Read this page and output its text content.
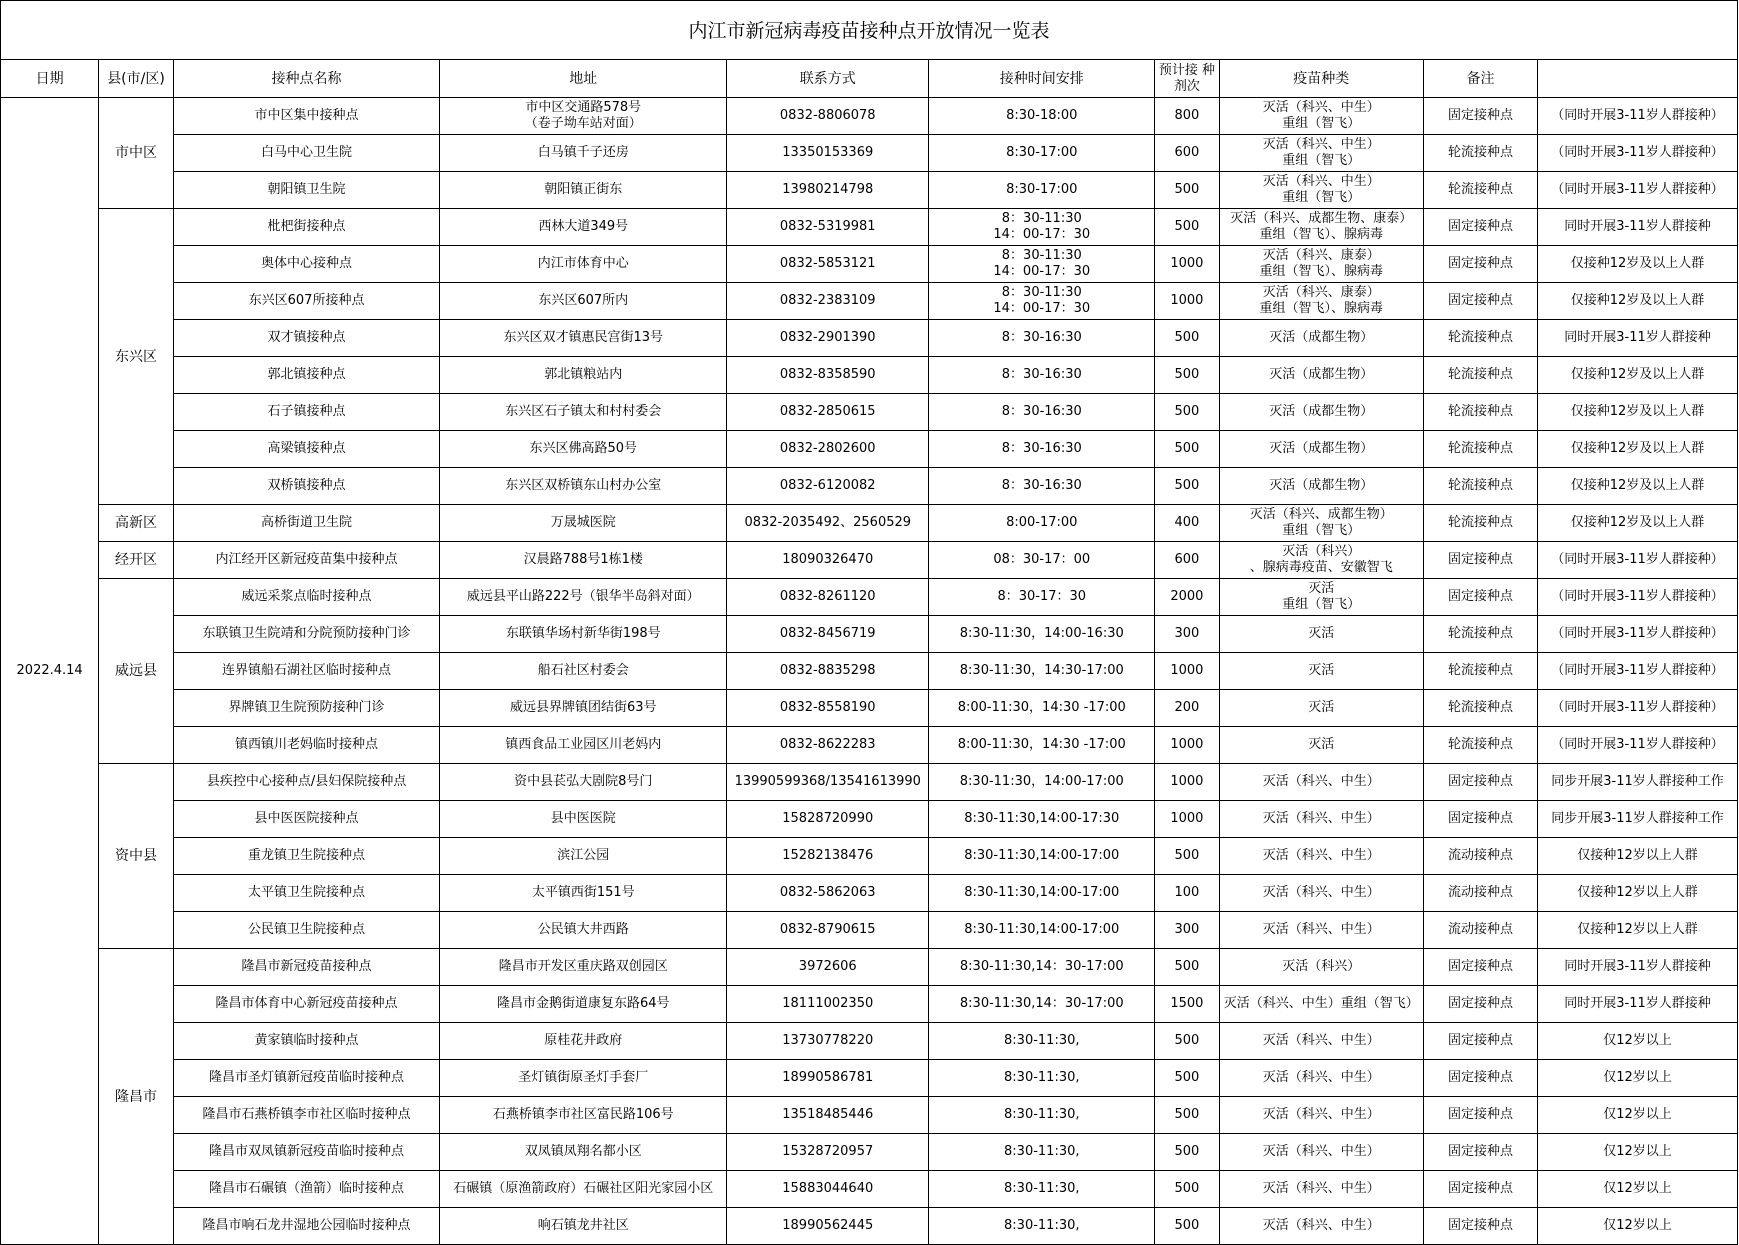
内江市新冠病毒疫苗接种点开放情况一览表
日期	县(市/区)	接种点名称	地址	联系方式	接种时间安排	预计接 种剂次	疫苗种类	备注	
2022.4.14	市中区	市中区集中接种点	市中区交通路578号
（卷子坳车站对面）	0832-8806078	8:30-18:00	800	灭活（科兴、中生）
重组（智飞）	固定接种点	（同时开展3-11岁人群接种）
		白马中心卫生院	白马镇千子还房	13350153369	8:30-17:00	600	灭活（科兴、中生）
重组（智飞）	轮流接种点	（同时开展3-11岁人群接种）
		朝阳镇卫生院	朝阳镇正街东	13980214798	8:30-17:00	500	灭活（科兴、中生）
重组（智飞）	轮流接种点	（同时开展3-11岁人群接种）
	东兴区	枇杷街接种点	西林大道349号	0832-5319981	8：30-11:30
14：00-17：30	500	灭活（科兴、成都生物、康泰）
重组（智飞）、腺病毒	固定接种点	同时开展3-11岁人群接种
		奥体中心接种点	内江市体育中心	0832-5853121	8：30-11:30
14：00-17：30	1000	灭活（科兴、康泰）
重组（智飞）、腺病毒	固定接种点	仅接种12岁及以上人群
		东兴区607所接种点	东兴区607所内	0832-2383109	8：30-11:30
14：00-17：30	1000	灭活（科兴、康泰）
重组（智飞）、腺病毒	固定接种点	仅接种12岁及以上人群
		双才镇接种点	东兴区双才镇惠民宫街13号	0832-2901390	8：30-16:30	500	灭活（成都生物）	轮流接种点	同时开展3-11岁人群接种
		郭北镇接种点	郭北镇粮站内	0832-8358590	8：30-16:30	500	灭活（成都生物）	轮流接种点	仅接种12岁及以上人群
		石子镇接种点	东兴区石子镇太和村村委会	0832-2850615	8：30-16:30	500	灭活（成都生物）	轮流接种点	仅接种12岁及以上人群
		高梁镇接种点	东兴区佛高路50号	0832-2802600	8：30-16:30	500	灭活（成都生物）	轮流接种点	仅接种12岁及以上人群
		双桥镇接种点	东兴区双桥镇东山村办公室	0832-6120082	8：30-16:30	500	灭活（成都生物）	轮流接种点	仅接种12岁及以上人群
	高新区	高桥街道卫生院	万晟城医院	0832-2035492、2560529	8:00-17:00	400	灭活（科兴、成都生物）
重组（智飞）	轮流接种点	仅接种12岁及以上人群
	经开区	内江经开区新冠疫苗集中接种点	汉晨路788号1栋1楼	18090326470	08：30-17：00	600	灭活（科兴）
、腺病毒疫苗、安徽智飞	固定接种点	（同时开展3-11岁人群接种）
	威远县	威远采浆点临时接种点	威远县平山路222号（银华半岛斜对面）	0832-8261120	8：30-17：30	2000	灭活
重组（智飞）	固定接种点	（同时开展3-11岁人群接种）
		东联镇卫生院靖和分院预防接种门诊	东联镇华场村新华街198号	0832-8456719	8:30-11:30，14:00-16:30	300	灭活	轮流接种点	（同时开展3-11岁人群接种）
		连界镇船石湖社区临时接种点	船石社区村委会	0832-8835298	8:30-11:30，14:30-17:00	1000	灭活	轮流接种点	（同时开展3-11岁人群接种）
		界牌镇卫生院预防接种门诊	威远县界牌镇团结街63号	0832-8558190	8:00-11:30，14:30 -17:00	200	灭活	轮流接种点	（同时开展3-11岁人群接种）
		镇西镇川老妈临时接种点	镇西食品工业园区川老妈内	0832-8622283	8:00-11:30，14:30 -17:00	1000	灭活	轮流接种点	（同时开展3-11岁人群接种）
	资中县	县疾控中心接种点/县妇保院接种点	资中县苌弘大剧院8号门	13990599368/13541613990	8:30-11:30，14:00-17:00	1000	灭活（科兴、中生）	固定接种点	同步开展3-11岁人群接种工作
		县中医医院接种点	县中医医院	15828720990	8:30-11:30,14:00-17:30	1000	灭活（科兴、中生）	固定接种点	同步开展3-11岁人群接种工作
		重龙镇卫生院接种点	滨江公园	15282138476	8:30-11:30,14:00-17:00	500	灭活（科兴、中生）	流动接种点	仅接种12岁以上人群
		太平镇卫生院接种点	太平镇西街151号	0832-5862063	8:30-11:30,14:00-17:00	100	灭活（科兴、中生）	流动接种点	仅接种12岁以上人群
		公民镇卫生院接种点	公民镇大井西路	0832-8790615	8:30-11:30,14:00-17:00	300	灭活（科兴、中生）	流动接种点	仅接种12岁以上人群
	隆昌市	隆昌市新冠疫苗接种点	隆昌市开发区重庆路双创园区	3972606	8:30-11:30,14：30-17:00	500	灭活（科兴）	固定接种点	同时开展3-11岁人群接种
		隆昌市体育中心新冠疫苗接种点	隆昌市金鹅街道康复东路64号	18111002350	8:30-11:30,14：30-17:00	1500	灭活（科兴、中生）重组（智飞）	固定接种点	同时开展3-11岁人群接种
		黄家镇临时接种点	原桂花井政府	13730778220	8:30-11:30,	500	灭活（科兴、中生）	固定接种点	仅12岁以上
		隆昌市圣灯镇新冠疫苗临时接种点	圣灯镇街原圣灯手套厂	18990586781	8:30-11:30,	500	灭活（科兴、中生）	固定接种点	仅12岁以上
		隆昌市石燕桥镇李市社区临时接种点	石燕桥镇李市社区富民路106号	13518485446	8:30-11:30,	500	灭活（科兴、中生）	固定接种点	仅12岁以上
		隆昌市双凤镇新冠疫苗临时接种点	双凤镇凤翔名都小区	15328720957	8:30-11:30,	500	灭活（科兴、中生）	固定接种点	仅12岁以上
		隆昌市石碾镇（渔箭）临时接种点	石碾镇（原渔箭政府）石碾社区阳光家园小区	15883044640	8:30-11:30,	500	灭活（科兴、中生）	固定接种点	仅12岁以上
		隆昌市响石龙井湿地公园临时接种点	响石镇龙井社区	18990562445	8:30-11:30,	500	灭活（科兴、中生）	固定接种点	仅12岁以上
